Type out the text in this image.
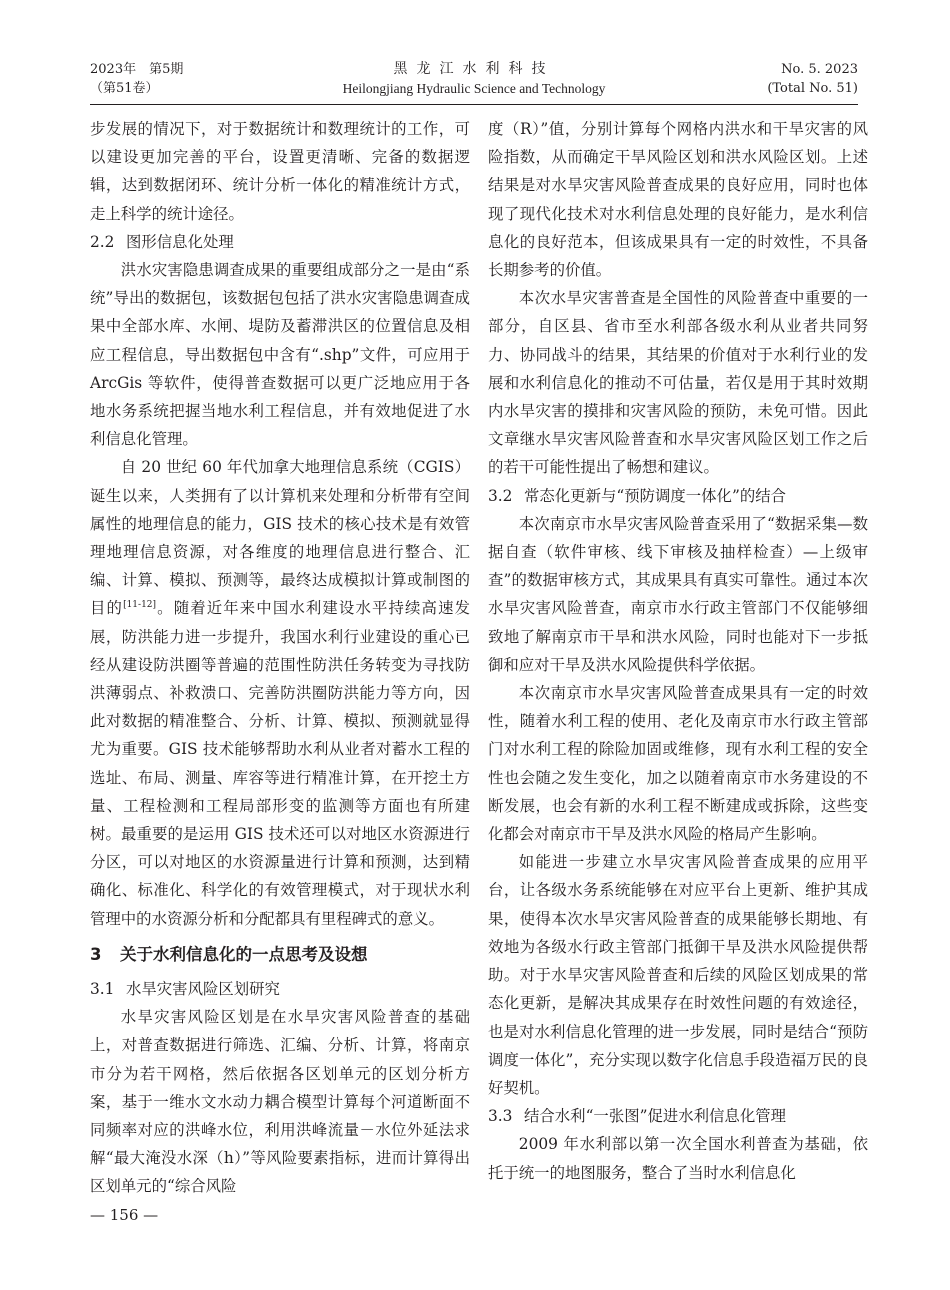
2023年　第5期
（第51卷）
黑龙江水利科技
Heilongjiang Hydraulic Science and Technology
No. 5. 2023
(Total No. 51)

步发展的情况下，对于数据统计和数理统计的工作，可以建设更加完善的平台，设置更清晰、完备的数据逻辑，达到数据闭环、统计分析一体化的精准统计方式，走上科学的统计途径。

2.2 图形信息化处理

洪水灾害隐患调查成果的重要组成部分之一是由“系统”导出的数据包，该数据包包括了洪水灾害隐患调查成果中全部水库、水闸、堤防及蓄滞洪区的位置信息及相应工程信息，导出数据包中含有“.shp”文件，可应用于 ArcGis 等软件，使得普查数据可以更广泛地应用于各地水务系统把握当地水利工程信息，并有效地促进了水利信息化管理。

自 20 世纪 60 年代加拿大地理信息系统（CGIS）诞生以来，人类拥有了以计算机来处理和分析带有空间属性的地理信息的能力，GIS 技术的核心技术是有效管理地理信息资源，对各维度的地理信息进行整合、汇编、计算、模拟、预测等，最终达成模拟计算或制图的目的[11-12]。随着近年来中国水利建设水平持续高速发展，防洪能力进一步提升，我国水利行业建设的重心已经从建设防洪圈等普遍的范围性防洪任务转变为寻找防洪薄弱点、补救溃口、完善防洪圈防洪能力等方向，因此对数据的精准整合、分析、计算、模拟、预测就显得尤为重要。GIS 技术能够帮助水利从业者对蓄水工程的选址、布局、测量、库容等进行精准计算，在开挖土方量、工程检测和工程局部形变的监测等方面也有所建树。最重要的是运用 GIS 技术还可以对地区水资源进行分区，可以对地区的水资源量进行计算和预测，达到精确化、标准化、科学化的有效管理模式，对于现状水利管理中的水资源分析和分配都具有里程碑式的意义。

3 关于水利信息化的一点思考及设想
3.1 水旱灾害风险区划研究

水旱灾害风险区划是在水旱灾害风险普查的基础上，对普查数据进行筛选、汇编、分析、计算，将南京市分为若干网格，然后依据各区划单元的区划分析方案，基于一维水文水动力耦合模型计算每个河道断面不同频率对应的洪峰水位，利用洪峰流量－水位外延法求解“最大淹没水深（h）”等风险要素指标，进而计算得出区划单元的“综合风险

度（R）”值，分别计算每个网格内洪水和干旱灾害的风险指数，从而确定干旱风险区划和洪水风险区划。上述结果是对水旱灾害风险普查成果的良好应用，同时也体现了现代化技术对水利信息处理的良好能力，是水利信息化的良好范本，但该成果具有一定的时效性，不具备长期参考的价值。

本次水旱灾害普查是全国性的风险普查中重要的一部分，自区县、省市至水利部各级水利从业者共同努力、协同战斗的结果，其结果的价值对于水利行业的发展和水利信息化的推动不可估量，若仅是用于其时效期内水旱灾害的摸排和灾害风险的预防，未免可惜。因此文章继水旱灾害风险普查和水旱灾害风险区划工作之后的若干可能性提出了畅想和建议。

3.2 常态化更新与“预防调度一体化”的结合

本次南京市水旱灾害风险普查采用了“数据采集—数据自查（软件审核、线下审核及抽样检查）—上级审查”的数据审核方式，其成果具有真实可靠性。通过本次水旱灾害风险普查，南京市水行政主管部门不仅能够细致地了解南京市干旱和洪水风险，同时也能对下一步抵御和应对干旱及洪水风险提供科学依据。

本次南京市水旱灾害风险普查成果具有一定的时效性，随着水利工程的使用、老化及南京市水行政主管部门对水利工程的除险加固或维修，现有水利工程的安全性也会随之发生变化，加之以随着南京市水务建设的不断发展，也会有新的水利工程不断建成或拆除，这些变化都会对南京市干旱及洪水风险的格局产生影响。

如能进一步建立水旱灾害风险普查成果的应用平台，让各级水务系统能够在对应平台上更新、维护其成果，使得本次水旱灾害风险普查的成果能够长期地、有效地为各级水行政主管部门抵御干旱及洪水风险提供帮助。对于水旱灾害风险普查和后续的风险区划成果的常态化更新，是解决其成果存在时效性问题的有效途径，也是对水利信息化管理的进一步发展，同时是结合“预防调度一体化”，充分实现以数字化信息手段造福万民的良好契机。

3.3 结合水利“一张图”促进水利信息化管理

2009 年水利部以第一次全国水利普查为基础，依托于统一的地图服务，整合了当时水利信息化

— 156 —
